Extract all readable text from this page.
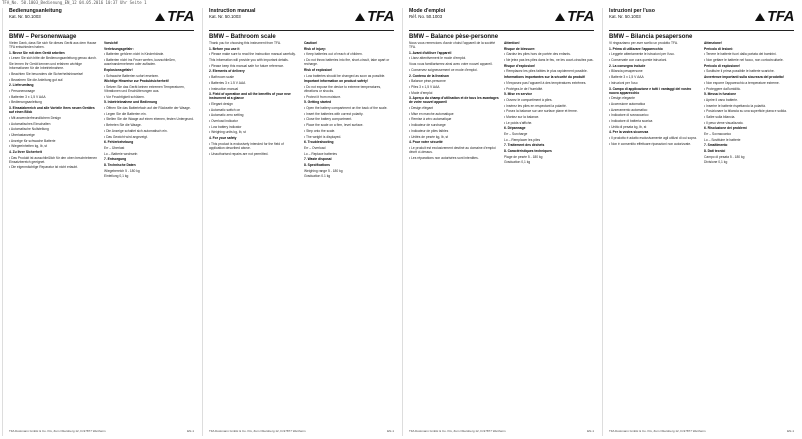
TFA_No. 50.1003_Bedienung_EN_12 04.05.2016 10:37 Uhr Seite 1
Bedienungsanleitung
Kat. Nr. 50.1003	TFA
BMW – Personenwaage

Vielen Dank, dass Sie sich für dieses Gerät aus dem Hause TFA entschieden haben.

1. Bevor Sie mit dem Gerät arbeiten

• Lesen Sie sich bitte die Bedienungsanleitung genau durch.

Sie lernen Ihr Gerät kennen und erfahren wichtige Informationen für die Inbetriebnahme.

• Beachten Sie besonders die Sicherheitshinweise!

• Bewahren Sie die Anleitung gut auf.

2. Lieferumfang

• Personenwaage

• Batterien 3 x 1,5 V AAA

• Bedienungsanleitung

3. Einsatzbereich und alle Vorteile Ihres neuen Gerätes auf einen Blick

• Mit anwenderfreundlichem Design

• Automatisches Einschalten

• Automatische Nullstellung

• Überlastanzeige

• Anzeige für schwache Batterie

• Wiegeeinheiten kg, lb, st

4. Zu Ihrer Sicherheit

• Das Produkt ist ausschließlich für den oben beschriebenen Einsatzbereich geeignet.

• Die eigenmächtige Reparatur ist nicht erlaubt.

Vorsicht!

Verletzungsgefahr:

• Batterien gehören nicht in Kinderhände.

• Batterien nicht ins Feuer werfen, kurzschließen, auseinandernehmen oder aufladen.

Explosionsgefahr!

• Schwache Batterien sofort ersetzen.

Wichtige Hinweise zur Produktsicherheit!

• Setzen Sie das Gerät keinen extremen Temperaturen, Vibrationen und Erschütterungen aus.

• Vor Feuchtigkeit schützen.

5. Inbetriebnahme und Bedienung

• Öffnen Sie das Batteriefach auf der Rückseite der Waage.

• Legen Sie die Batterien ein.

• Stellen Sie die Waage auf einen ebenen, festen Untergrund.

• Betreten Sie die Waage.

• Die Anzeige schaltet sich automatisch ein.

• Das Gewicht wird angezeigt.

6. Fehlerbehebung

Err – Überlast

Lo – Batterie wechseln

7. Entsorgung

8. Technische Daten

Wiegebereich 5 - 180 kg

Einteilung 0,1 kg

TFA Dostmann GmbH & Co. KG, Zum Ottersberg 12, D-97877 Wertheim	EN-1
Instruction manual
Kat. Nr. 50.1003	TFA
BMW – Bathroom scale

Thank you for choosing this instrument from TFA.

1. Before you use it

• Please make sure to read the instruction manual carefully.

This information will provide you with important details.

• Please keep this manual safe for future reference.

2. Elements of delivery

• Bathroom scale

• Batteries 3 x 1.5 V AAA

• Instruction manual

3. Field of operation and all the benefits of your new instrument at a glance

• Elegant design

• Automatic switch on

• Automatic zero setting

• Overload indicator

• Low battery indicator

• Weighing units kg, lb, st

4. For your safety

• This product is exclusively intended for the field of application described above.

• Unauthorised repairs are not permitted.

Caution!

Risk of injury:

• Keep batteries out of reach of children.

• Do not throw batteries into fire, short-circuit, take apart or recharge.

Risk of explosion!

• Low batteries should be changed as soon as possible.

Important information on product safety!

• Do not expose the device to extreme temperatures, vibrations or shocks.

• Protect it from moisture.

5. Getting started

• Open the battery compartment on the back of the scale.

• Insert the batteries with correct polarity.

• Close the battery compartment.

• Place the scale on a firm, level surface.

• Step onto the scale.

• The weight is displayed.

6. Troubleshooting

Err – Overload

Lo – Replace batteries

7. Waste disposal

8. Specifications

Weighing range 5 - 180 kg

Graduation 0.1 kg

TFA Dostmann GmbH & Co. KG, Zum Ottersberg 12, D-97877 Wertheim	EN-1
Mode d'emploi
Réf. No. 50.1003	TFA
BMW – Balance pèse-personne

Nous vous remercions d'avoir choisi l'appareil de la société TFA.

1. Avant d'utiliser l'appareil

• Lisez attentivement le mode d'emploi.

Vous vous familiariserez ainsi avec votre nouvel appareil.

• Conservez soigneusement ce mode d'emploi.

2. Contenu de la livraison

• Balance pèse-personne

• Piles 3 x 1,5 V AAA

• Mode d'emploi

3. Aperçu du champ d'utilisation et de tous les avantages de votre nouvel appareil

• Design élégant

• Mise en marche automatique

• Remise à zéro automatique

• Indicateur de surcharge

• Indicateur de piles faibles

• Unités de pesée kg, lb, st

4. Pour votre sécurité

• Le produit est exclusivement destiné au domaine d'emploi décrit ci-dessus.

• Les réparations non autorisées sont interdites.

Attention!

Risque de blessure:

• Gardez les piles hors de portée des enfants.

• Ne jetez pas les piles dans le feu, ne les court-circuitez pas.

Risque d'explosion!

• Remplacez les piles faibles le plus rapidement possible.

Informations importantes sur la sécurité du produit!

• N'exposez pas l'appareil à des températures extrêmes.

• Protégez-le de l'humidité.

5. Mise en service

• Ouvrez le compartiment à piles.

• Insérez les piles en respectant la polarité.

• Posez la balance sur une surface plane et ferme.

• Montez sur la balance.

• Le poids s'affiche.

6. Dépannage

Err – Surcharge

Lo – Remplacer les piles

7. Traitement des déchets

8. Caractéristiques techniques

Plage de pesée 5 - 180 kg

Graduation 0,1 kg

TFA Dostmann GmbH & Co. KG, Zum Ottersberg 12, D-97877 Wertheim	EN-1
Istruzioni per l'uso
Kat. Nr. 50.1003	TFA
BMW – Bilancia pesapersone

Vi ringraziamo per aver scelto un prodotto TFA.

1. Prima di utilizzare l'apparecchio

• Leggete attentamente le istruzioni per l'uso.

• Conservate con cura queste istruzioni.

2. La consegna include

• Bilancia pesapersone

• Batterie 3 x 1,5 V AAA

• Istruzioni per l'uso

3. Campo di applicazione e tutti i vantaggi del vostro nuovo apparecchio

• Design elegante

• Accensione automatica

• Azzeramento automatico

• Indicatore di sovraccarico

• Indicatore di batteria scarica

• Unità di pesata kg, lb, st

4. Per la vostra sicurezza

• Il prodotto è adatto esclusivamente agli utilizzi di cui sopra.

• Non è consentito effettuare riparazioni non autorizzate.

Attenzione!

Pericolo di lesioni:

• Tenere le batterie fuori dalla portata dei bambini.

• Non gettare le batterie nel fuoco, non cortocircuitarle.

Pericolo di esplosione!

• Sostituire il prima possibile le batterie scariche.

Avvertenze importanti sulla sicurezza del prodotto!

• Non esporre l'apparecchio a temperature estreme.

• Proteggere dall'umidità.

5. Messa in funzione

• Aprire il vano batterie.

• Inserire le batterie rispettando la polarità.

• Posizionare la bilancia su una superficie piana e solida.

• Salire sulla bilancia.

• Il peso viene visualizzato.

6. Risoluzione dei problemi

Err – Sovraccarico

Lo – Sostituire le batterie

7. Smaltimento

8. Dati tecnici

Campo di pesata 5 - 180 kg

Divisione 0,1 kg

TFA Dostmann GmbH & Co. KG, Zum Ottersberg 12, D-97877 Wertheim	EN-1
